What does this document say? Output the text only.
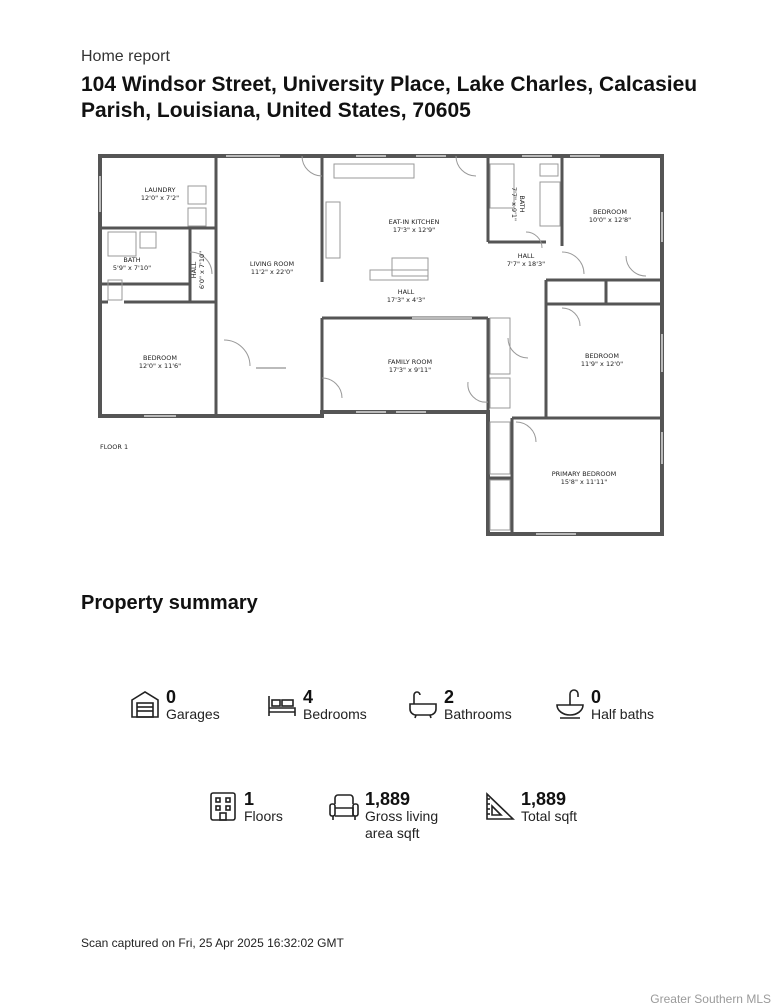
Home report
104 Windsor Street, University Place, Lake Charles, Calcasieu Parish, Louisiana, United States, 70605
LAUNDRY 12'0" x 7'2"
BATH 5'9" x 7'10"	HALL6'0" x 7'10"	LIVING ROOM 11'2" x 22'0"
BEDROOM 12'0" x 11'6"
EAT-IN KITCHEN 17'3" x 12'9"
HALL 17'3" x 4'3"
FAMILY ROOM 17'3" x 9'11"
BATH7'7" x 9'1"
HALL 7'7" x 18'3"
BEDROOM 10'0" x 12'8"
BEDROOM 11'9" x 12'0"
PRIMARY BEDROOM 15'8" x 11'11"
FLOOR 1
Property summary
0
Garages
4
Bedrooms
2
Bathrooms
0
Half baths
1
Floors
1,889
Gross living
area sqft
1,889
Total sqft
Scan captured on Fri, 25 Apr 2025 16:32:02 GMT
Greater Southern MLS
